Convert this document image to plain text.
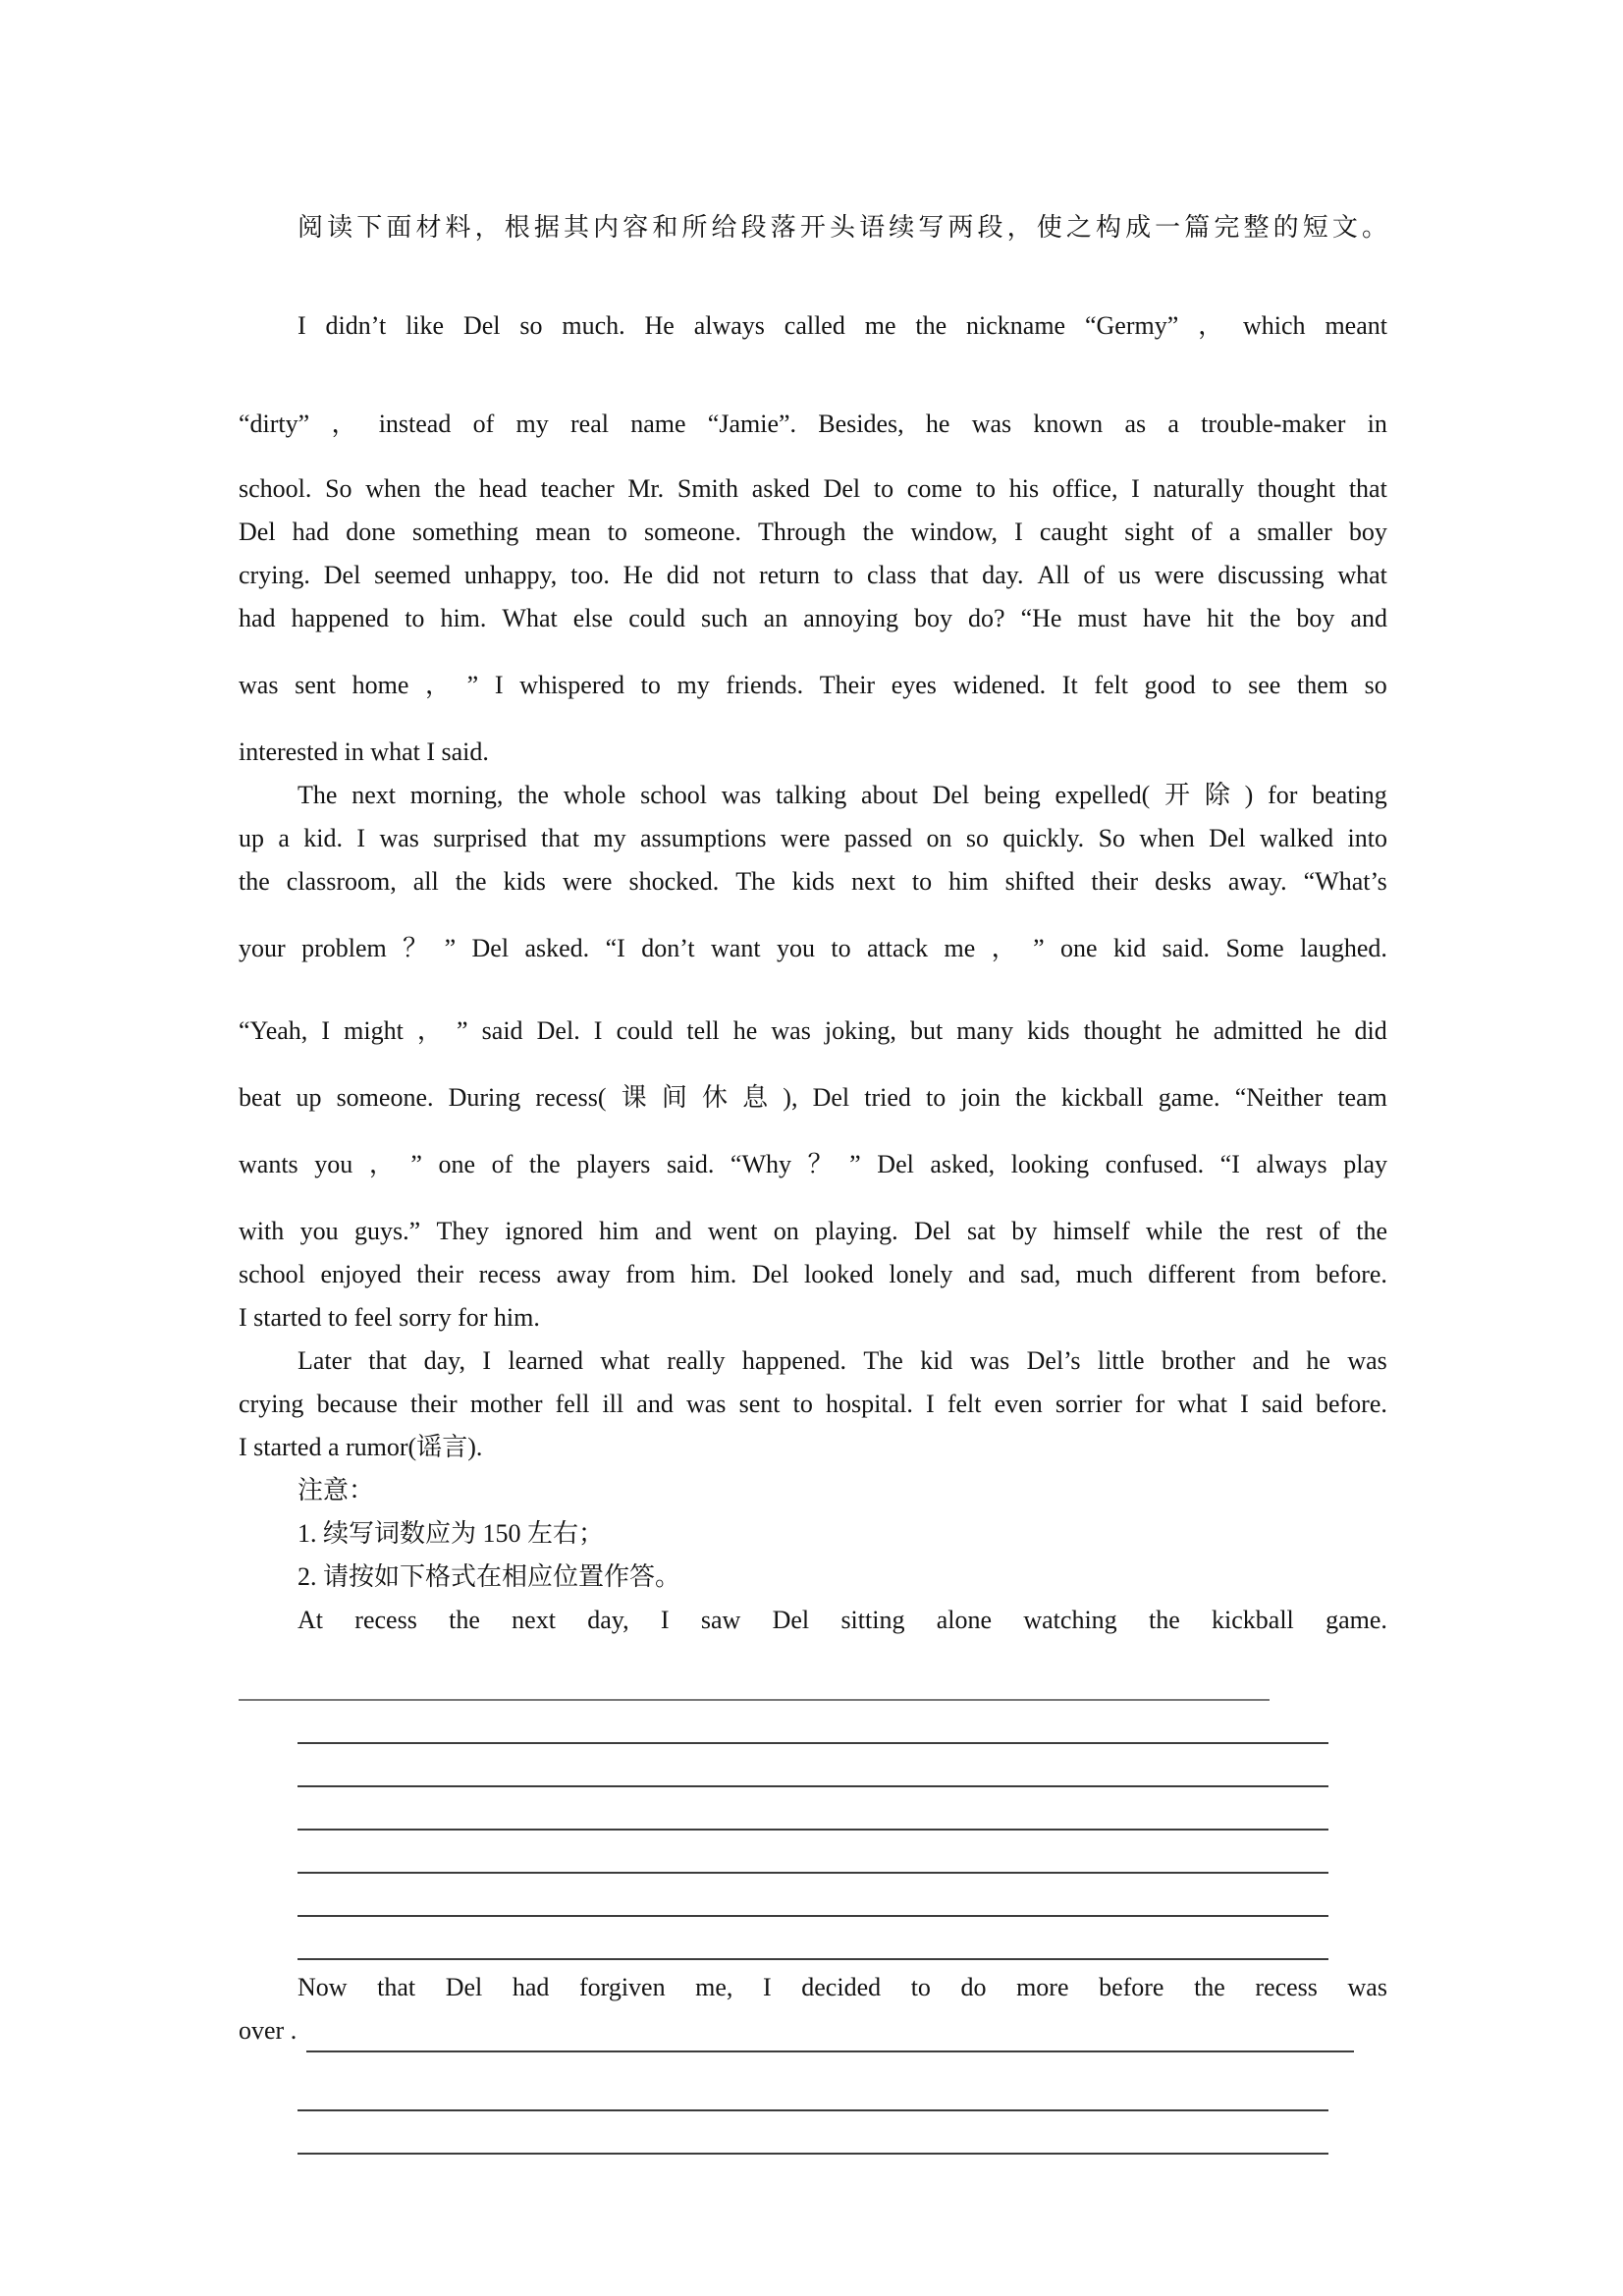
阅 读 下 面 材 料 ， 根 据 其 内 容 和 所 给 段 落 开 头 语 续 写 两 段 ， 使 之 构 成 一 篇 完 整 的 短 文 。
I didn’t like Del so much. He always called me the nickname “Germy” ， which meant
“dirty” ， instead of my real name “Jamie”. Besides, he was known as a trouble-maker in
school. So when the head teacher Mr. Smith asked Del to come to his office, I naturally thought that
Del had done something mean to someone. Through the window, I caught sight of a smaller boy
crying. Del seemed unhappy, too. He did not return to class that day. All of us were discussing what
had happened to him. What else could such an annoying boy do? “He must have hit the boy and
was sent home ， ” I whispered to my friends. Their eyes widened. It felt good to see them so
interested in what I said.
The next morning, the whole school was talking about Del being expelled( 开 除 ) for beating
up a kid. I was surprised that my assumptions were passed on so quickly. So when Del walked into
the classroom, all the kids were shocked. The kids next to him shifted their desks away. “What’s
your problem ？ ” Del asked. “I don’t want you to attack me ， ” one kid said. Some laughed.
“Yeah, I might ， ” said Del. I could tell he was joking, but many kids thought he admitted he did
beat up someone. During recess( 课 间 休 息 ), Del tried to join the kickball game. “Neither team
wants you ， ” one of the players said. “Why ？ ” Del asked, looking confused. “I always play
with you guys.” They ignored him and went on playing. Del sat by himself while the rest of the
school enjoyed their recess away from him. Del looked lonely and sad, much different from before.
I started to feel sorry for him.
Later that day, I learned what really happened. The kid was Del’s little brother and he was
crying because their mother fell ill and was sent to hospital. I felt even sorrier for what I said before.
I started a rumor(谣言).
注意：
1. 续写词数应为 150 左右；
2. 请按如下格式在相应位置作答。
At recess the next day, I saw Del sitting alone watching the kickball game.
Now that Del had forgiven me, I decided to do more before the recess was
over .
